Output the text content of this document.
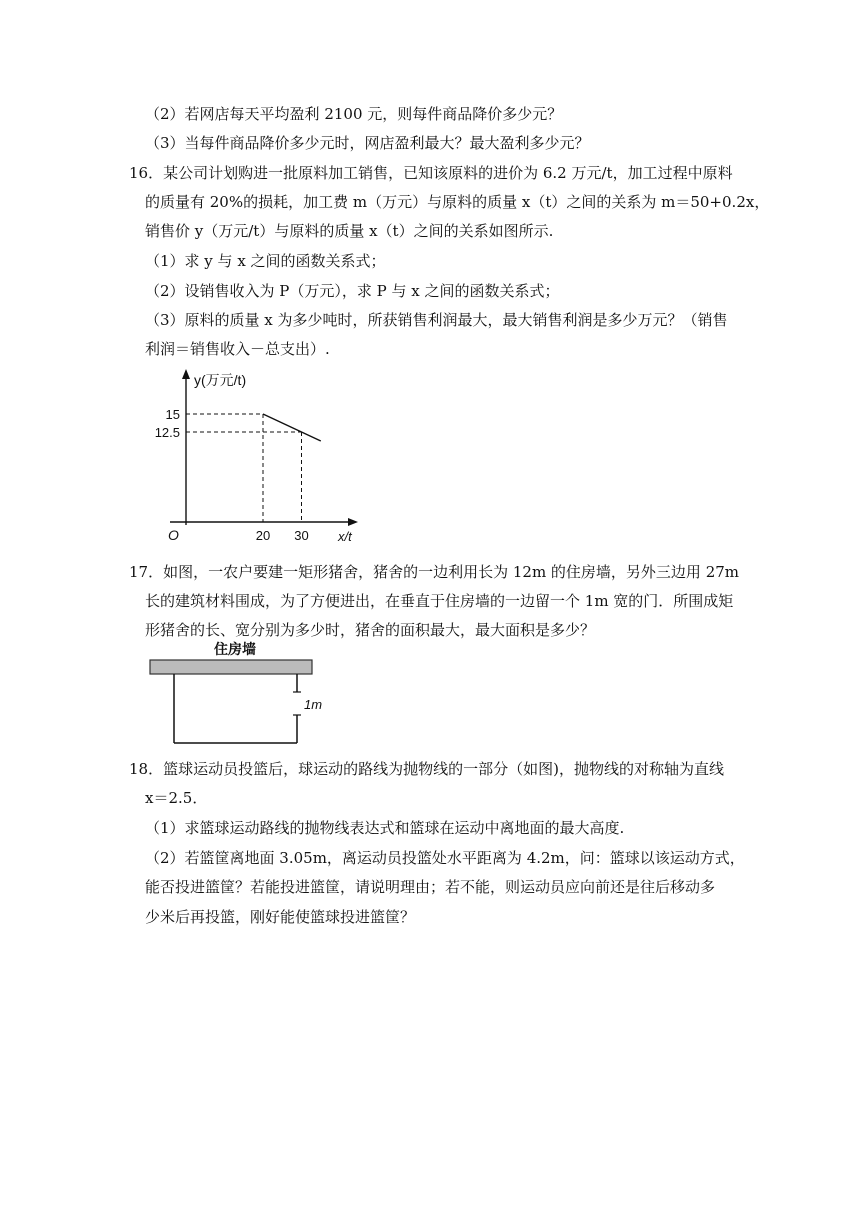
（2）若网店每天平均盈利 2100 元，则每件商品降价多少元？
（3）当每件商品降价多少元时，网店盈利最大？最大盈利多少元？
16．某公司计划购进一批原料加工销售，已知该原料的进价为 6.2 万元/t，加工过程中原料
的质量有 20%的损耗，加工费 m（万元）与原料的质量 x（t）之间的关系为 m＝50+0.2x，
销售价 y（万元/t）与原料的质量 x（t）之间的关系如图所示.
（1）求 y 与 x 之间的函数关系式；
（2）设销售收入为 P（万元），求 P 与 x 之间的函数关系式；
（3）原料的质量 x 为多少吨时，所获销售利润最大，最大销售利润是多少万元？（销售
利润＝销售收入－总支出）.
y(万元/t)
15
12.5
20 30
O	x/t
17．如图，一农户要建一矩形猪舍，猪舍的一边利用长为 12m 的住房墙，另外三边用 27m
长的建筑材料围成，为了方便进出，在垂直于住房墙的一边留一个 1m 宽的门．所围成矩
形猪舍的长、宽分别为多少时，猪舍的面积最大，最大面积是多少？
住房墙
1m
18．篮球运动员投篮后，球运动的路线为抛物线的一部分（如图)，抛物线的对称轴为直线
x＝2.5．
（1）求篮球运动路线的抛物线表达式和篮球在运动中离地面的最大高度.
（2）若篮筐离地面 3.05m，离运动员投篮处水平距离为 4.2m，问：篮球以该运动方式，
能否投进篮筐？若能投进篮筐，请说明理由；若不能，则运动员应向前还是往后移动多
少米后再投篮，刚好能使篮球投进篮筐？
